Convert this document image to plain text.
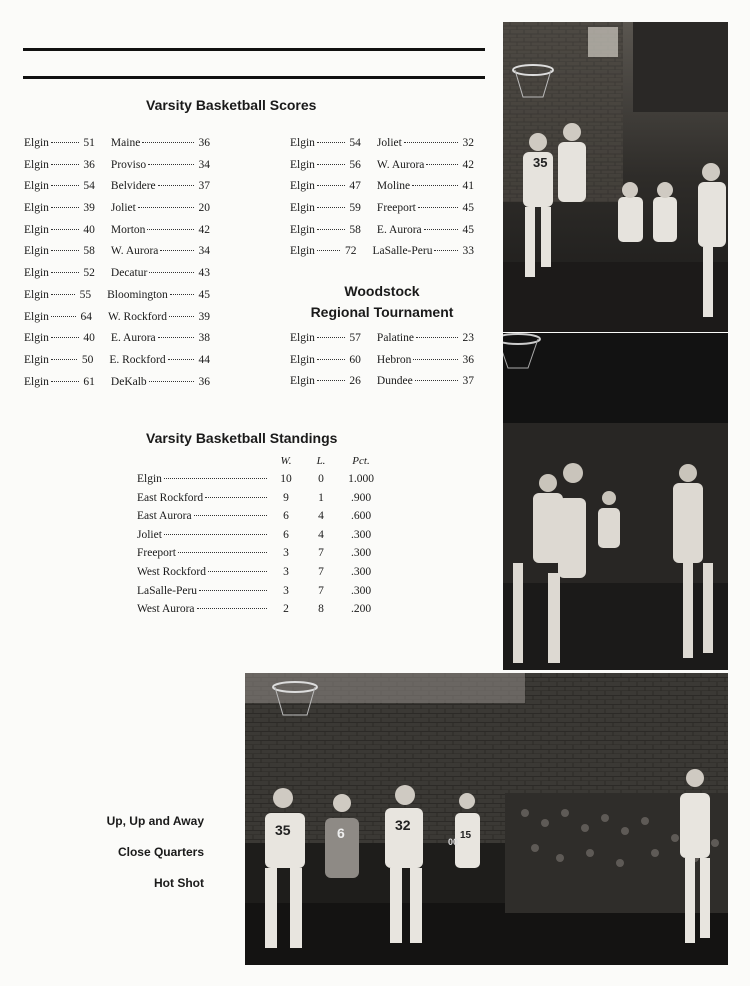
Varsity Basketball Scores
Elgin	51 Maine	36
Elgin	36 Proviso	34
Elgin	54 Belvidere	37
Elgin	39 Joliet	20
Elgin	40 Morton	42
Elgin	58 W. Aurora	34
Elgin	52 Decatur	43
Elgin	55 Bloomington	45
Elgin	64 W. Rockford	39
Elgin	40 E. Aurora	38
Elgin	50 E. Rockford	44
Elgin	61 DeKalb	36
Elgin	54 Joliet	32
Elgin	56 W. Aurora	42
Elgin	47 Moline	41
Elgin	59 Freeport	45
Elgin	58 E. Aurora	45
Elgin	72 LaSalle-Peru	33
Woodstock
Regional Tournament
Elgin	57 Palatine	23
Elgin	60 Hebron	36
Elgin	26 Dundee	37
Varsity Basketball Standings
W.	L.	Pct.
Elgin	10	0	1.000
East Rockford	9	1	.900
East Aurora	6	4	.600
Joliet	6	4	.300
Freeport	3	7	.300
West Rockford	3	7	.300
LaSalle-Peru	3	7	.300
West Aurora	2	8	.200
35
35	6	32
00
15
Up, Up and Away
Close Quarters
Hot Shot
